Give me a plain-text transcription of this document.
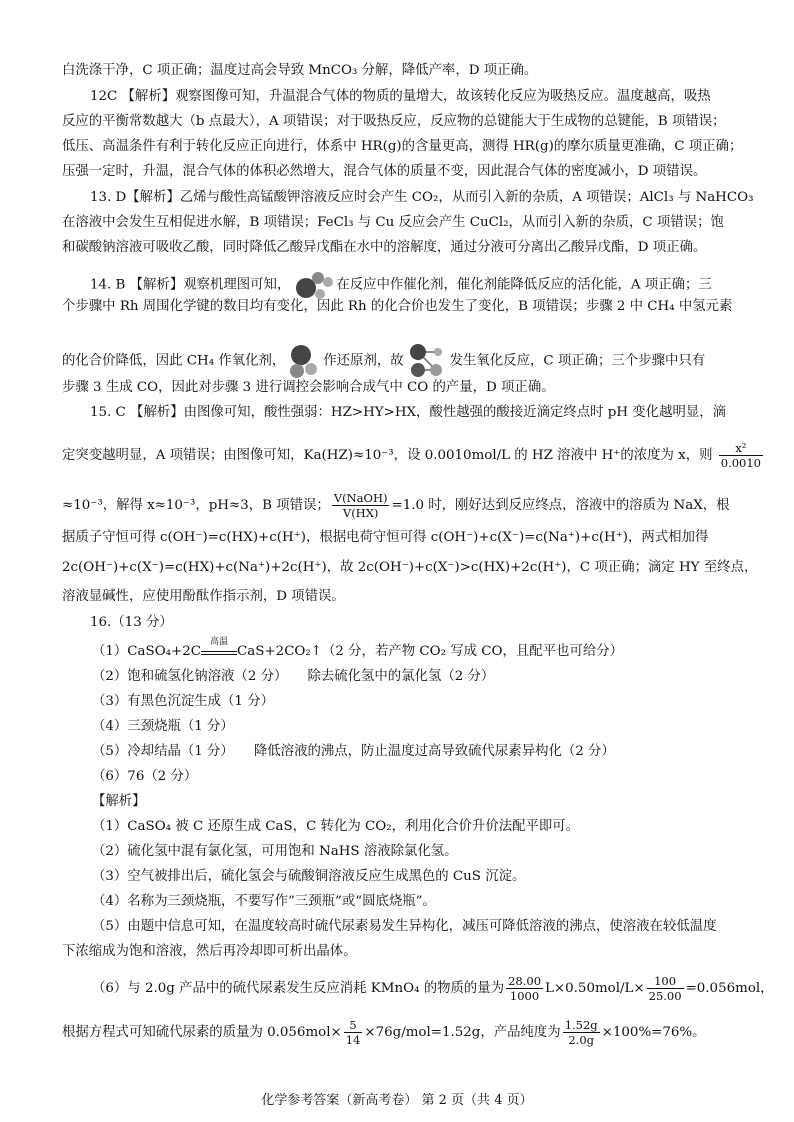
白洗涤干净，C 项正确；温度过高会导致 MnCO₃ 分解，降低产率，D 项正确。
12C 【解析】观察图像可知，升温混合气体的物质的量增大，故该转化反应为吸热反应。温度越高，吸热
反应的平衡常数越大（b 点最大），A 项错误；对于吸热反应，反应物的总键能大于生成物的总键能，B 项错误；
低压、高温条件有利于转化反应正向进行，体系中 HR(g)的含量更高，测得 HR(g)的摩尔质量更准确，C 项正确；
压强一定时，升温，混合气体的体积必然增大，混合气体的质量不变，因此混合气体的密度减小，D 项错误。
13. D【解析】乙烯与酸性高锰酸钾溶液反应时会产生 CO₂，从而引入新的杂质，A 项错误；AlCl₃ 与 NaHCO₃
在溶液中会发生互相促进水解，B 项错误；FeCl₃ 与 Cu 反应会产生 CuCl₂，从而引入新的杂质，C 项错误；饱
和碳酸钠溶液可吸收乙酸，同时降低乙酸异戊酯在水中的溶解度，通过分液可分离出乙酸异戊酯，D 项正确。
14. B 【解析】观察机理图可知，	在反应中作催化剂，催化剂能降低反应的活化能，A 项正确；三
个步骤中 Rh 周围化学键的数目均有变化，因此 Rh 的化合价也发生了变化，B 项错误；步骤 2 中 CH₄ 中氢元素
的化合价降低，因此 CH₄ 作氧化剂，	作还原剂，故	发生氧化反应，C 项正确；三个步骤中只有
步骤 3 生成 CO，因此对步骤 3 进行调控会影响合成气中 CO 的产量，D 项正确。
15. C 【解析】由图像可知，酸性强弱：HZ>HY>HX，酸性越强的酸接近滴定终点时 pH 变化越明显，滴
定突变越明显，A 项错误；由图像可知，Ka(HZ)≈10⁻³，设 0.0010mol/L 的 HZ 溶液中 H⁺的浓度为 x，则 $\frac{\text{x²}}{0.0010}$
≈10⁻³，解得 x≈10⁻³，pH≈3，B 项错误； $\frac{\text{V(NaOH)}}{V(HX)} =1.0$ 时，刚好达到反应终点，溶液中的溶质为 NaX，根
据质子守恒可得 c(OH⁻)=c(HX)+c(H⁺)，根据电荷守恒可得 c(OH⁻)+c(X⁻)=c(Na⁺)+c(H⁺)，两式相加得
2c(OH⁻)+c(X⁻)=c(HX)+c(Na⁺)+2c(H⁺)，故 2c(OH⁻)+c(X⁻)>c(HX)+2c(H⁺)，C 项正确；滴定 HY 至终点，
溶液显碱性，应使用酚酞作指示剂，D 项错误。
16.（13 分）
（1）CaSO₄+2C
高温
CaS+2CO₂↑（2 分，若产物 CO₂ 写成 CO，且配平也可给分）
（2）饱和硫氢化钠溶液（2 分）　　除去硫化氢中的氯化氢（2 分）
（3）有黑色沉淀生成（1 分）
（4）三颈烧瓶（1 分）
（5）冷却结晶（1 分）　　降低溶液的沸点，防止温度过高导致硫代尿素异构化（2 分）
（6）76（2 分）
【解析】
（1）CaSO₄ 被 C 还原生成 CaS，C 转化为 CO₂，利用化合价升价法配平即可。
（2）硫化氢中混有氯化氢，可用饱和 NaHS 溶液除氯化氢。
（3）空气被排出后，硫化氢会与硫酸铜溶液反应生成黑色的 CuS 沉淀。
（4）名称为三颈烧瓶，不要写作“三颈瓶”或“圆底烧瓶”。
（5）由题中信息可知，在温度较高时硫代尿素易发生异构化，减压可降低溶液的沸点，使溶液在较低温度
下浓缩成为饱和溶液，然后再冷却即可析出晶体。
（6）与 2.0g 产品中的硫代尿素发生反应消耗 KMnO₄ 的物质的量为 $\frac{28.00}{1000} L\times 0.50mol/L\times \frac{100}{25.00} =0.056mol$，
根据方程式可知硫代尿素的质量为 $0.056mol\times \frac{5}{14} \times 76g/mol=1.52g$，产品纯度为 $\frac{1.52g}{2.0g} \times 100\%=76\%$。
化学参考答案（新高考卷） 第 2 页（共 4 页）
